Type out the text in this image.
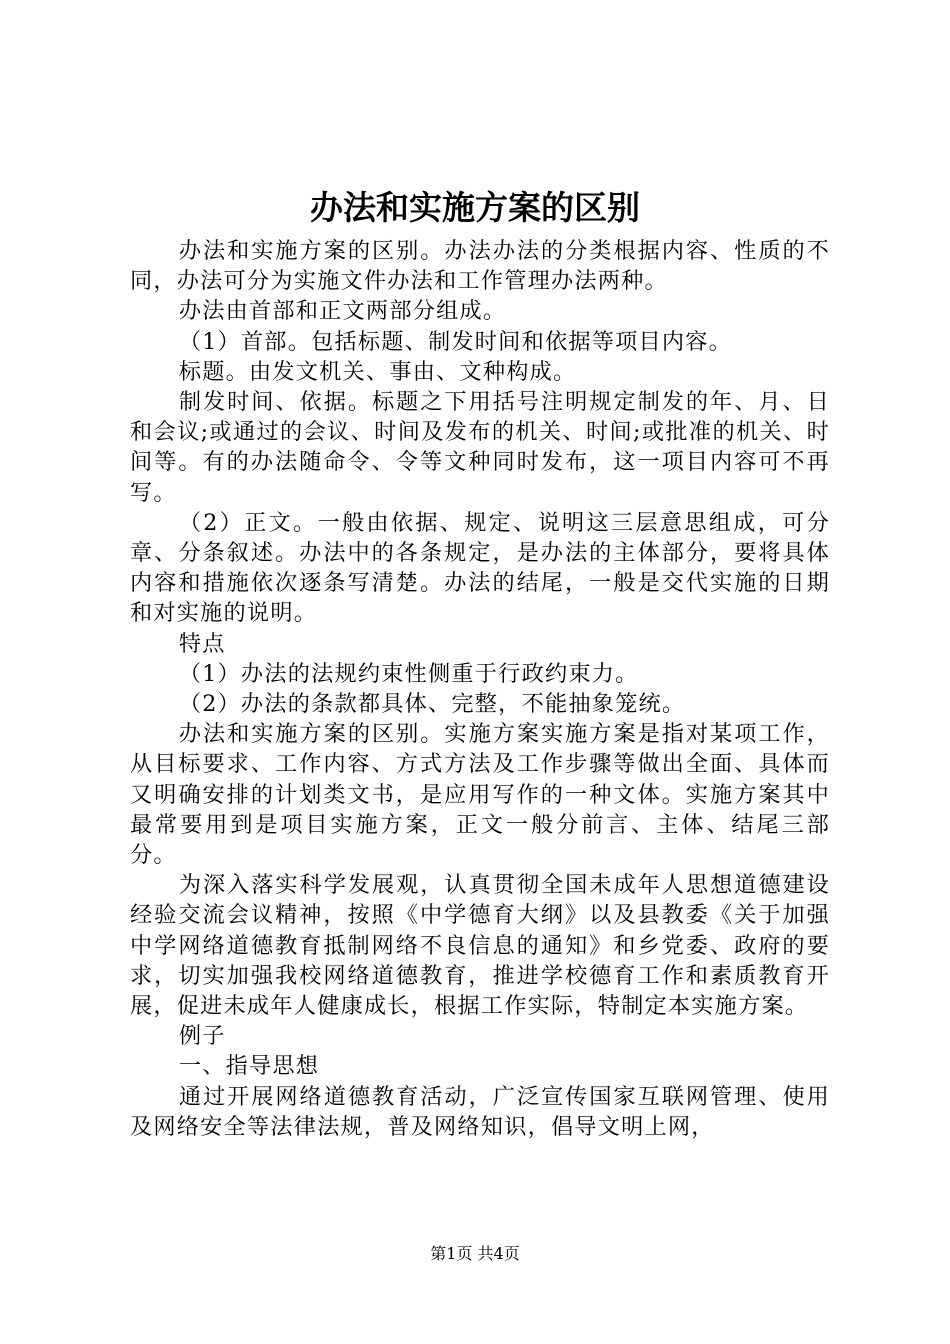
办法和实施方案的区别

办法和实施方案的区别。办法办法的分类根据内容、性质的不同，办法可分为实施文件办法和工作管理办法两种。

办法由首部和正文两部分组成。

（1）首部。包括标题、制发时间和依据等项目内容。

标题。由发文机关、事由、文种构成。

制发时间、依据。标题之下用括号注明规定制发的年、月、日和会议;或通过的会议、时间及发布的机关、时间;或批准的机关、时间等。有的办法随命令、令等文种同时发布，这一项目内容可不再写。

（2）正文。一般由依据、规定、说明这三层意思组成，可分章、分条叙述。办法中的各条规定，是办法的主体部分，要将具体内容和措施依次逐条写清楚。办法的结尾，一般是交代实施的日期和对实施的说明。

特点

（1）办法的法规约束性侧重于行政约束力。

（2）办法的条款都具体、完整，不能抽象笼统。

办法和实施方案的区别。实施方案实施方案是指对某项工作，从目标要求、工作内容、方式方法及工作步骤等做出全面、具体而又明确安排的计划类文书，是应用写作的一种文体。实施方案其中最常要用到是项目实施方案，正文一般分前言、主体、结尾三部分。

为深入落实科学发展观，认真贯彻全国未成年人思想道德建设经验交流会议精神，按照《中学德育大纲》以及县教委《关于加强中学网络道德教育抵制网络不良信息的通知》和乡党委、政府的要求，切实加强我校网络道德教育，推进学校德育工作和素质教育开展，促进未成年人健康成长，根据工作实际，特制定本实施方案。

例子

一、指导思想

通过开展网络道德教育活动，广泛宣传国家互联网管理、使用及网络安全等法律法规，普及网络知识，倡导文明上网，

第1页 共4页
